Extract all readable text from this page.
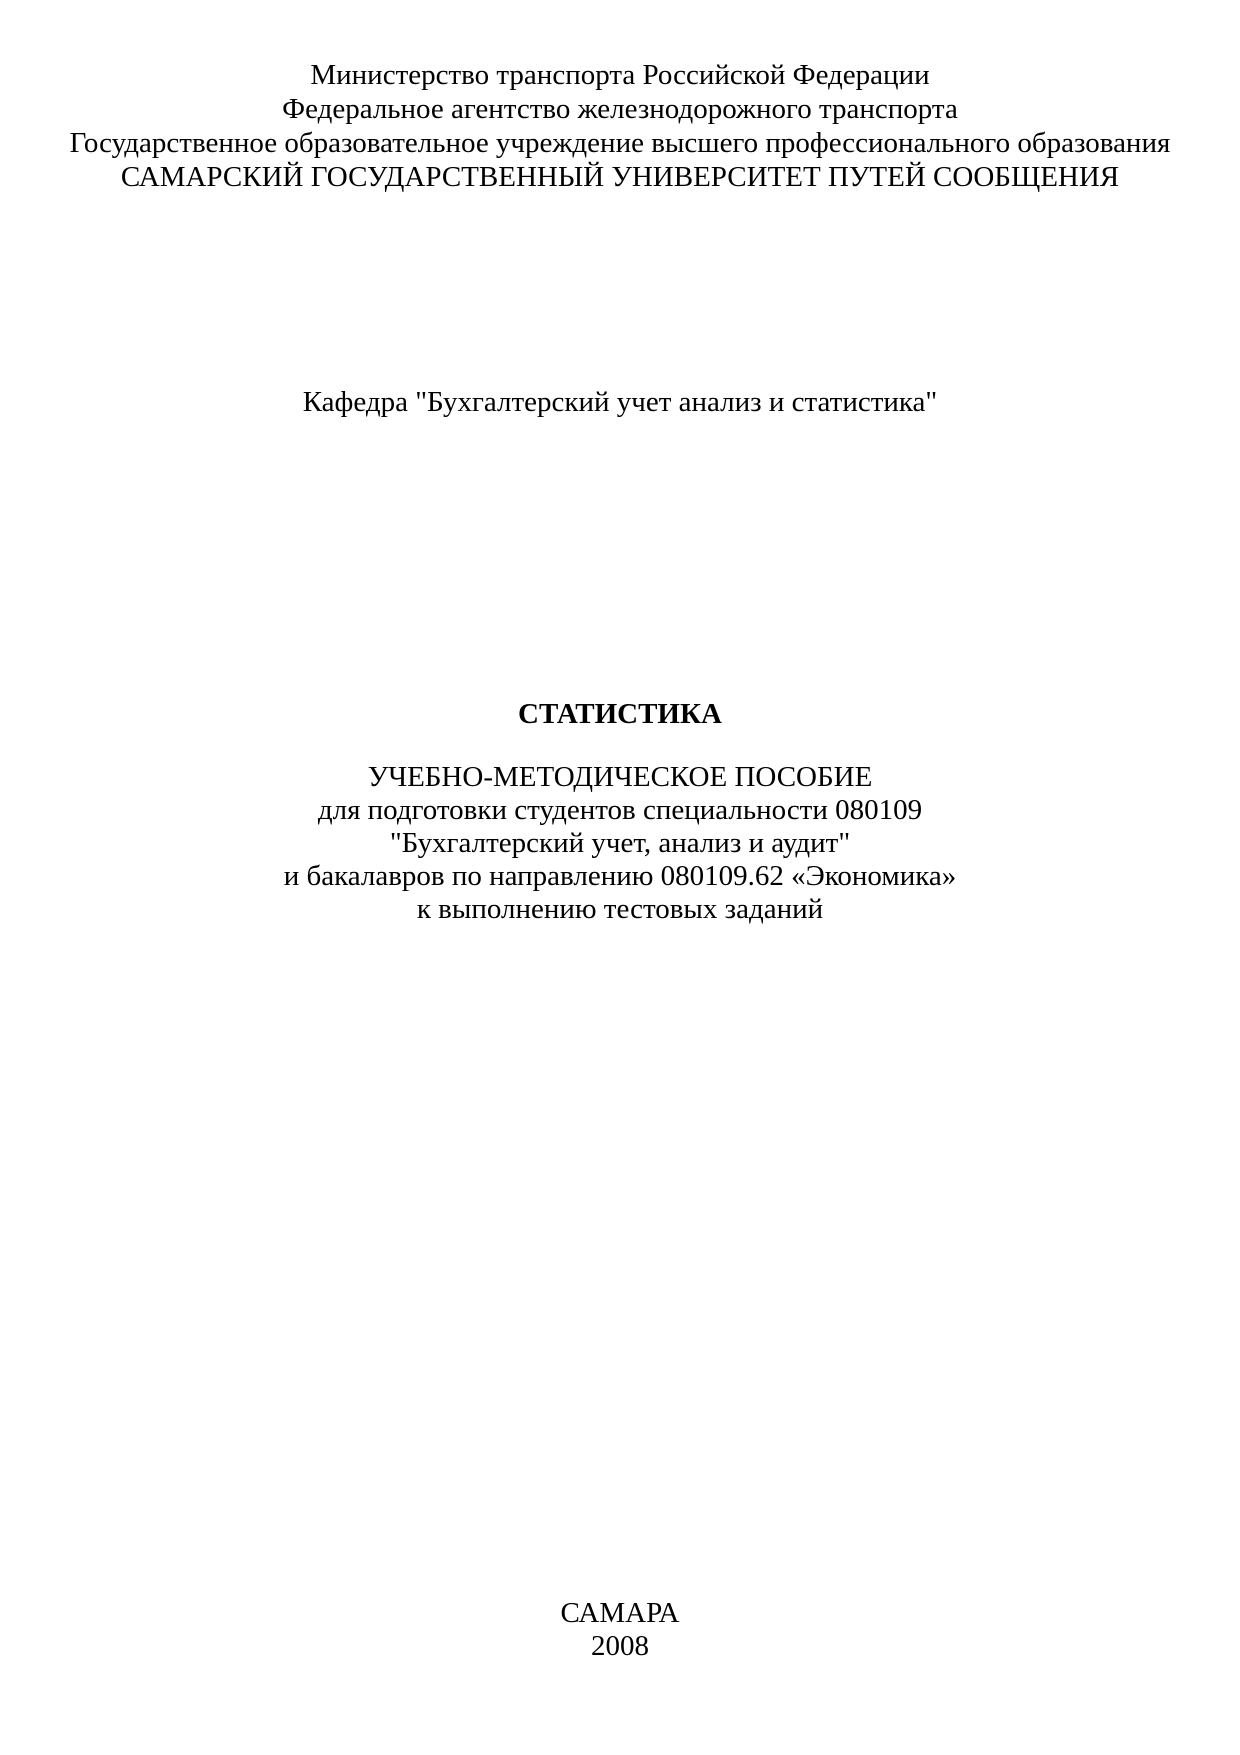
Министерство транспорта Российской Федерации
Федеральное агентство железнодорожного транспорта
Государственное образовательное учреждение высшего профессионального образования
САМАРСКИЙ ГОСУДАРСТВЕННЫЙ УНИВЕРСИТЕТ ПУТЕЙ СООБЩЕНИЯ
Кафедра "Бухгалтерский учет анализ и статистика"
СТАТИСТИКА
УЧЕБНО-МЕТОДИЧЕСКОЕ ПОСОБИЕ
для подготовки студентов специальности 080109
"Бухгалтерский учет, анализ и аудит"
и бакалавров по направлению 080109.62 «Экономика»
к выполнению тестовых заданий
САМАРА
2008
